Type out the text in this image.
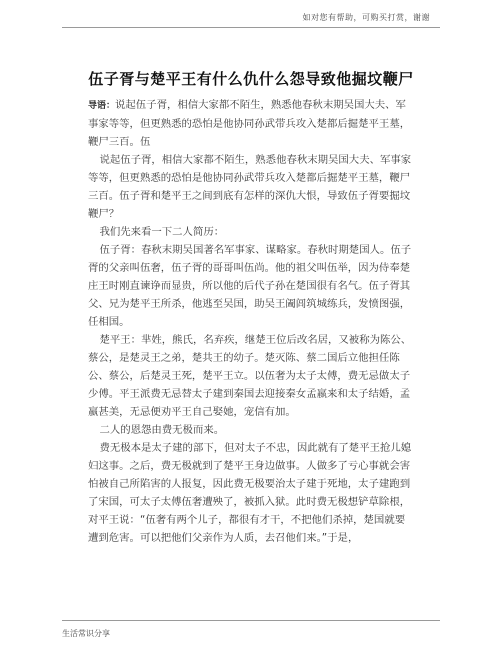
如对您有帮助，可购买打赏，谢谢
伍子胥与楚平王有什么仇什么怨导致他掘坟鞭尸

导语：说起伍子胥，相信大家都不陌生，熟悉他春秋末期吴国大夫、军事家等等，但更熟悉的恐怕是他协同孙武带兵攻入楚都后掘楚平王墓，鞭尸三百。伍

说起伍子胥，相信大家都不陌生，熟悉他春秋末期吴国大夫、军事家等等，但更熟悉的恐怕是他协同孙武带兵攻入楚都后掘楚平王墓，鞭尸三百。伍子胥和楚平王之间到底有怎样的深仇大恨，导致伍子胥要掘坟鞭尸？

我们先来看一下二人简历：

伍子胥：春秋末期吴国著名军事家、谋略家。春秋时期楚国人。伍子胥的父亲叫伍奢，伍子胥的哥哥叫伍尚。他的祖父叫伍举，因为侍奉楚庄王时刚直谏诤而显贵，所以他的后代子孙在楚国很有名气。伍子胥其父、兄为楚平王所杀，他逃至吴国，助吴王阖闾筑城练兵，发愤图强，任相国。

楚平王：芈姓，熊氏，名弃疾，继楚王位后改名居，又被称为陈公、蔡公，是楚灵王之弟，楚共王的幼子。楚灭陈、蔡二国后立他担任陈公、蔡公，后楚灵王死，楚平王立。以伍奢为太子太傅，费无忌做太子少傅。平王派费无忌替太子建到秦国去迎接秦女孟嬴来和太子结婚，孟嬴甚美，无忌便劝平王自己娶她，宠信有加。

二人的恩怨由费无极而来。

费无极本是太子建的部下，但对太子不忠，因此就有了楚平王抢儿媳妇这事。之后，费无极就到了楚平王身边做事。人做多了亏心事就会害怕被自己所陷害的人报复，因此费无极要治太子建于死地，太子建跑到了宋国，可太子太傅伍奢遭殃了，被抓入狱。此时费无极想铲草除根，对平王说：“伍奢有两个儿子，都很有才干，不把他们杀掉，楚国就要遭到危害。可以把他们父亲作为人质，去召他们来。”于是，

生活常识分享
